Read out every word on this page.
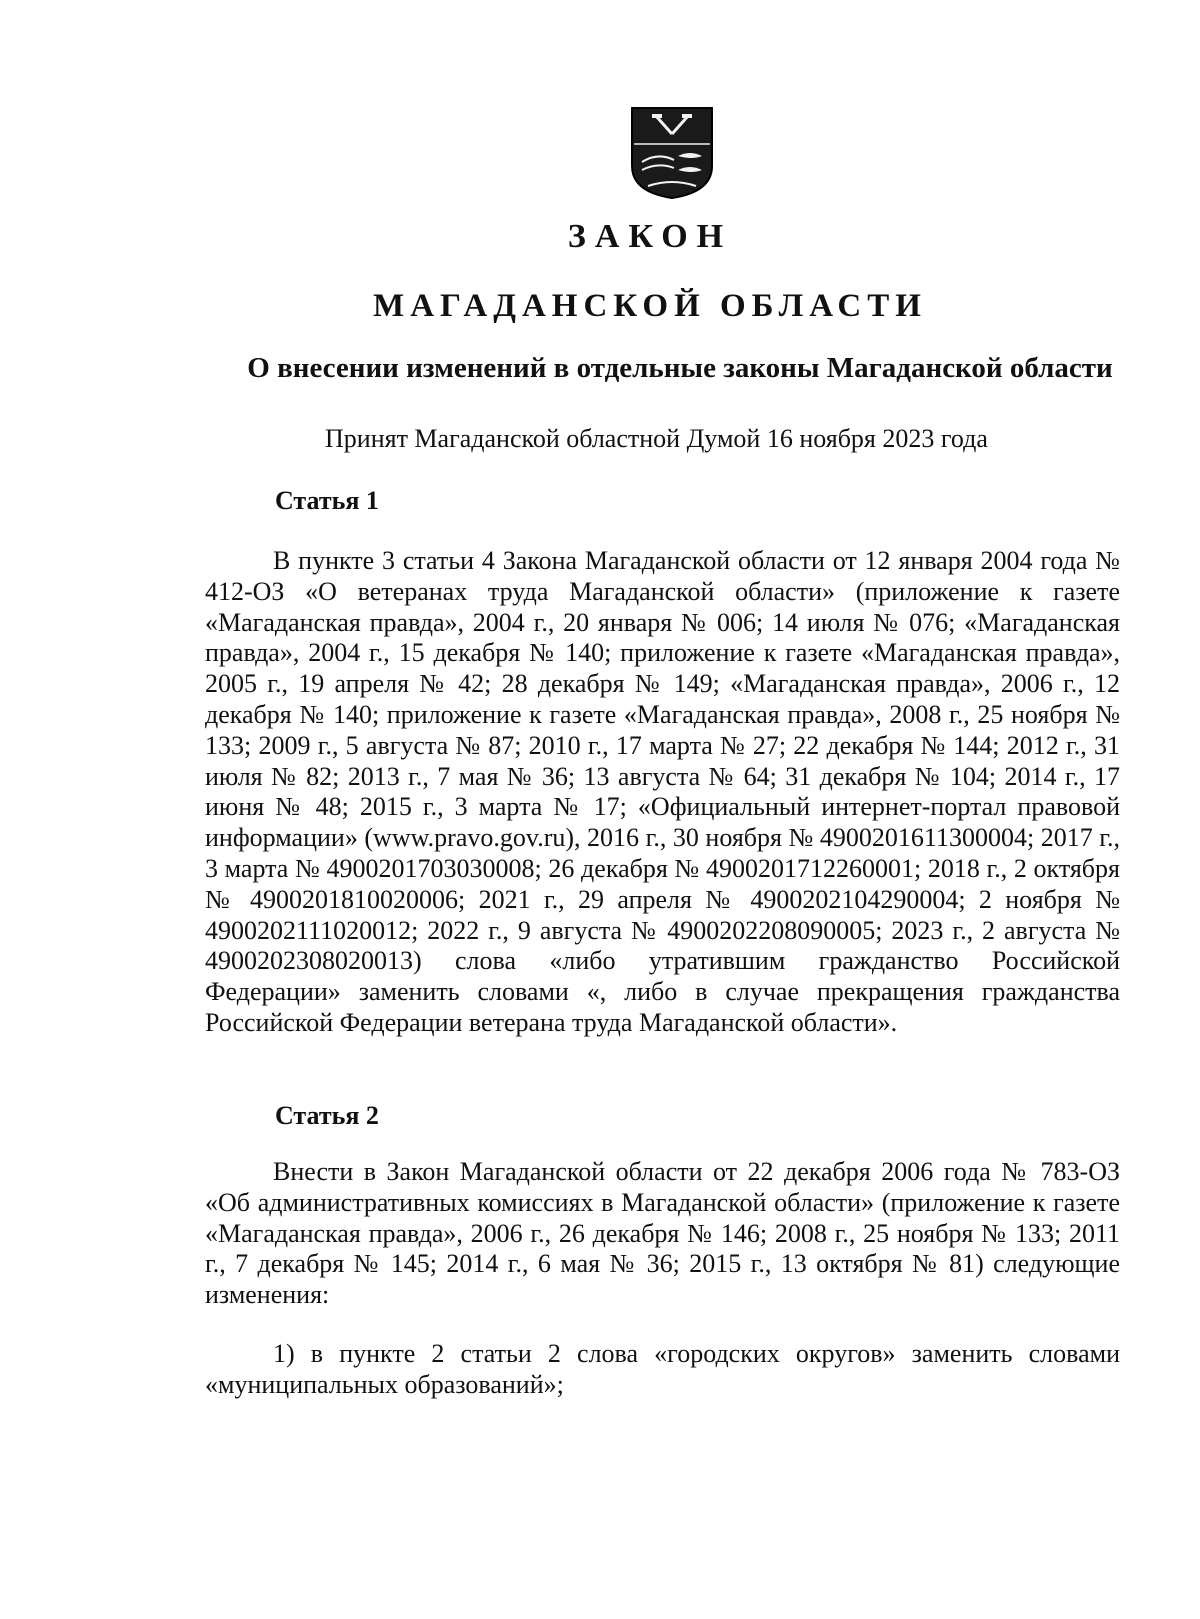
ЗАКОН
МАГАДАНСКОЙ ОБЛАСТИ
О внесении изменений в отдельные законы Магаданской области
Принят Магаданской областной Думой 16 ноября 2023 года
Статья 1

В пункте 3 статьи 4 Закона Магаданской области от 12 января 2004 года № 412-ОЗ «О ветеранах труда Магаданской области» (приложение к газете «Магаданская правда», 2004 г., 20 января № 006; 14 июля № 076; «Магаданская правда», 2004 г., 15 декабря № 140; приложение к газете «Магаданская правда», 2005 г., 19 апреля № 42; 28 декабря № 149; «Магаданская правда», 2006 г., 12 декабря № 140; приложение к газете «Магаданская правда», 2008 г., 25 ноября № 133; 2009 г., 5 августа № 87; 2010 г., 17 марта № 27; 22 декабря № 144; 2012 г., 31 июля № 82; 2013 г., 7 мая № 36; 13 августа № 64; 31 декабря № 104; 2014 г., 17 июня № 48; 2015 г., 3 марта № 17; «Официальный интернет-портал правовой информации» (www.pravo.gov.ru), 2016 г., 30 ноября № 4900201611300004; 2017 г., 3 марта № 4900201703030008; 26 декабря № 4900201712260001; 2018 г., 2 октября № 4900201810020006; 2021 г., 29 апреля № 4900202104290004; 2 ноября № 4900202111020012; 2022 г., 9 августа № 4900202208090005; 2023 г., 2 августа № 4900202308020013) слова «либо утратившим гражданство Российской Федерации» заменить словами «, либо в случае прекращения гражданства Российской Федерации ветерана труда Магаданской области».

Статья 2

Внести в Закон Магаданской области от 22 декабря 2006 года № 783-ОЗ «Об административных комиссиях в Магаданской области» (приложение к газете «Магаданская правда», 2006 г., 26 декабря № 146; 2008 г., 25 ноября № 133; 2011 г., 7 декабря № 145; 2014 г., 6 мая № 36; 2015 г., 13 октября № 81) следующие изменения:

1) в пункте 2 статьи 2 слова «городских округов» заменить словами «муниципальных образований»;
